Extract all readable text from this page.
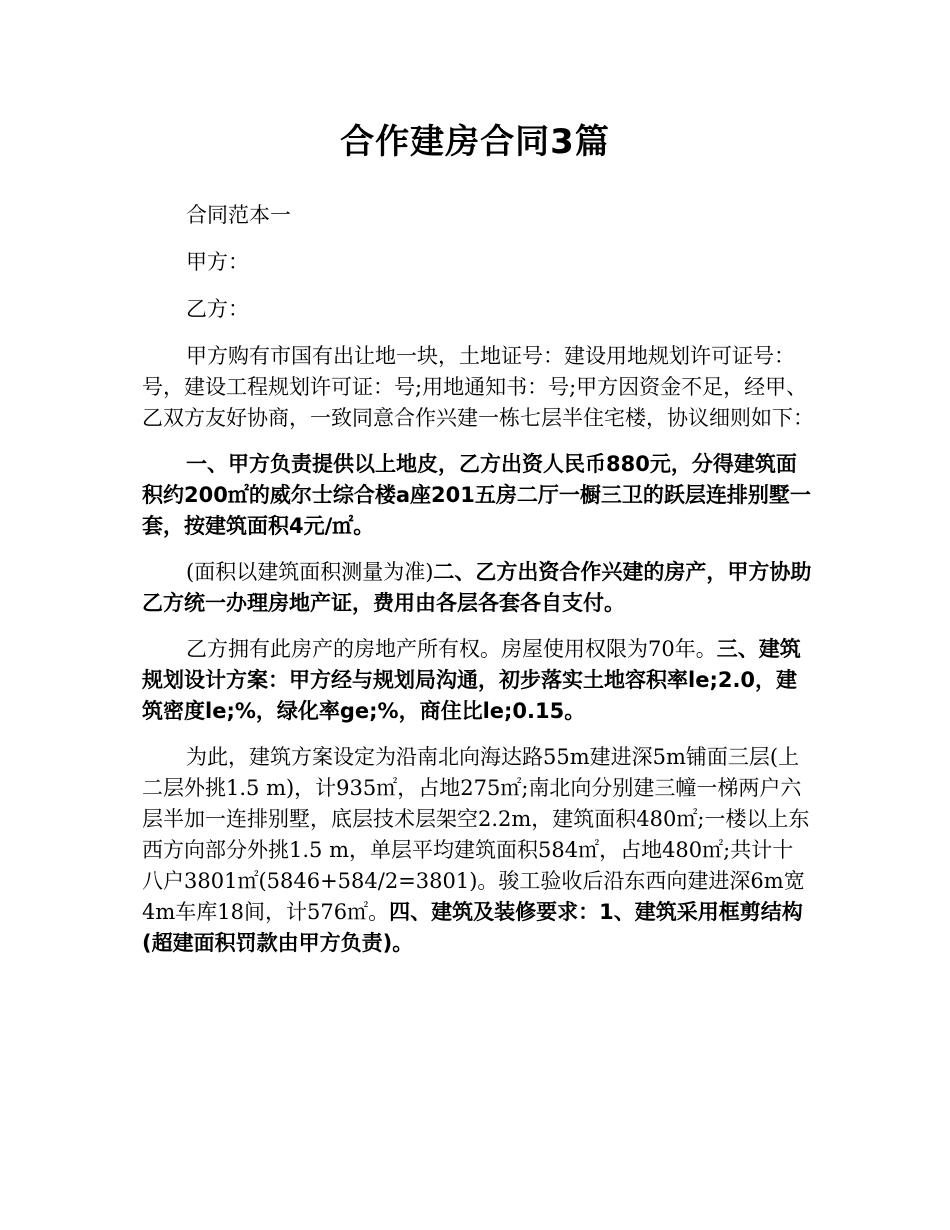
合作建房合同3篇

合同范本一

甲方：

乙方：

甲方购有市国有出让地一块，土地证号：建设用地规划许可证号：号，建设工程规划许可证：号;用地通知书：号;甲方因资金不足，经甲、乙双方友好协商，一致同意合作兴建一栋七层半住宅楼，协议细则如下：

一、甲方负责提供以上地皮，乙方出资人民币880元，分得建筑面积约200㎡的威尔士综合楼a座201五房二厅一橱三卫的跃层连排别墅一套，按建筑面积4元/㎡。

(面积以建筑面积测量为准)二、乙方出资合作兴建的房产，甲方协助乙方统一办理房地产证，费用由各层各套各自支付。

乙方拥有此房产的房地产所有权。房屋使用权限为70年。三、建筑规划设计方案：甲方经与规划局沟通，初步落实土地容积率le;2.0，建筑密度le;%，绿化率ge;%，商住比le;0.15。

为此，建筑方案设定为沿南北向海达路55m建进深5m铺面三层(上二层外挑1.5 m)，计935㎡，占地275㎡;南北向分别建三幢一梯两户六层半加一连排别墅，底层技术层架空2.2m，建筑面积480㎡;一楼以上东西方向部分外挑1.5 m，单层平均建筑面积584㎡，占地480㎡;共计十八户3801㎡(5846+584/2=3801)。骏工验收后沿东西向建进深6m宽4m车库18间，计576㎡。四、建筑及装修要求：1、建筑采用框剪结构(超建面积罚款由甲方负责)。
